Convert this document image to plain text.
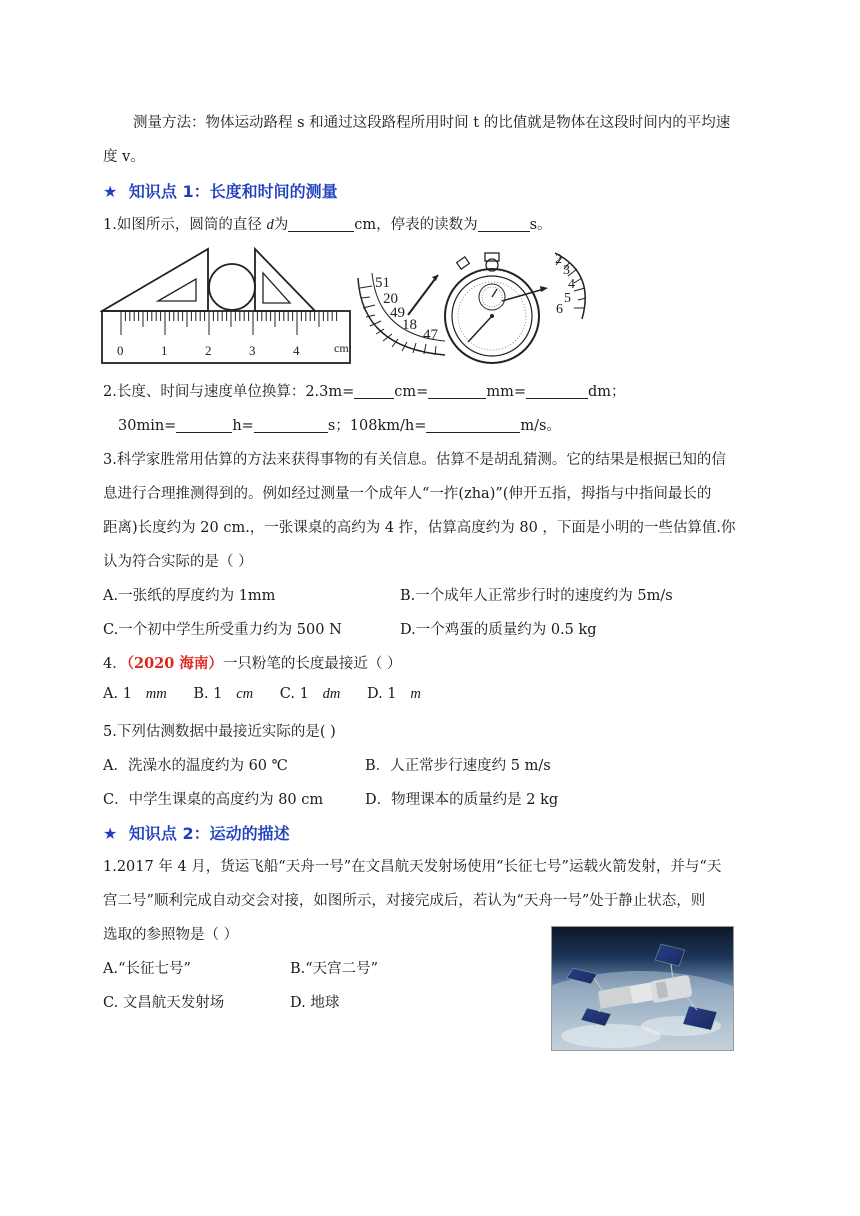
测量方法：物体运动路程 s 和通过这段路程所用时间 t 的比值就是物体在这段时间内的平均速
度 v。
★ 知识点 1：长度和时间的测量
1.如图所示，圆筒的直径 d为	cm，停表的读数为	s。
0	1	2	3	4	cm
51
20
49
18
47
2
3
4
5
6
2.长度、时间与速度单位换算：2.3m=	cm=	mm=	dm；
30min=	h=	s；108km/h=	m/s。
3.科学家胜常用估算的方法来获得事物的有关信息。估算不是胡乱猜测。它的结果是根据已知的信
息进行合理推测得到的。例如经过测量一个成年人“一拃(zha)”(伸开五指，拇指与中指间最长的
距离)长度约为 20 cm.，一张课桌的高约为 4 拃，估算高度约为 80 ，下面是小明的一些估算值.你
认为符合实际的是（ ）
A.一张纸的厚度约为 1mm	B.一个成年人正常步行时的速度约为 5m/s
C.一个初中学生所受重力约为 500 N	D.一个鸡蛋的质量约为 0.5 kg
4．（2020 海南）一只粉笔的长度最接近（ ）
A. 1 mm B. 1 cm C. 1 dm D. 1 m
5.下列估测数据中最接近实际的是( )
A．洗澡水的温度约为 60 ℃	B．人正常步行速度约 5 m/s
C．中学生课桌的高度约为 80 cm	D．物理课本的质量约是 2 kg
★ 知识点 2：运动的描述
1.2017 年 4 月，货运飞船“天舟一号”在文昌航天发射场使用“长征七号”运载火箭发射，并与“天
宫二号”顺利完成自动交会对接，如图所示，对接完成后，若认为“天舟一号”处于静止状态，则
选取的参照物是（ ）
A.“长征七号”	B.“天宫二号”
C. 文昌航天发射场	D. 地球
